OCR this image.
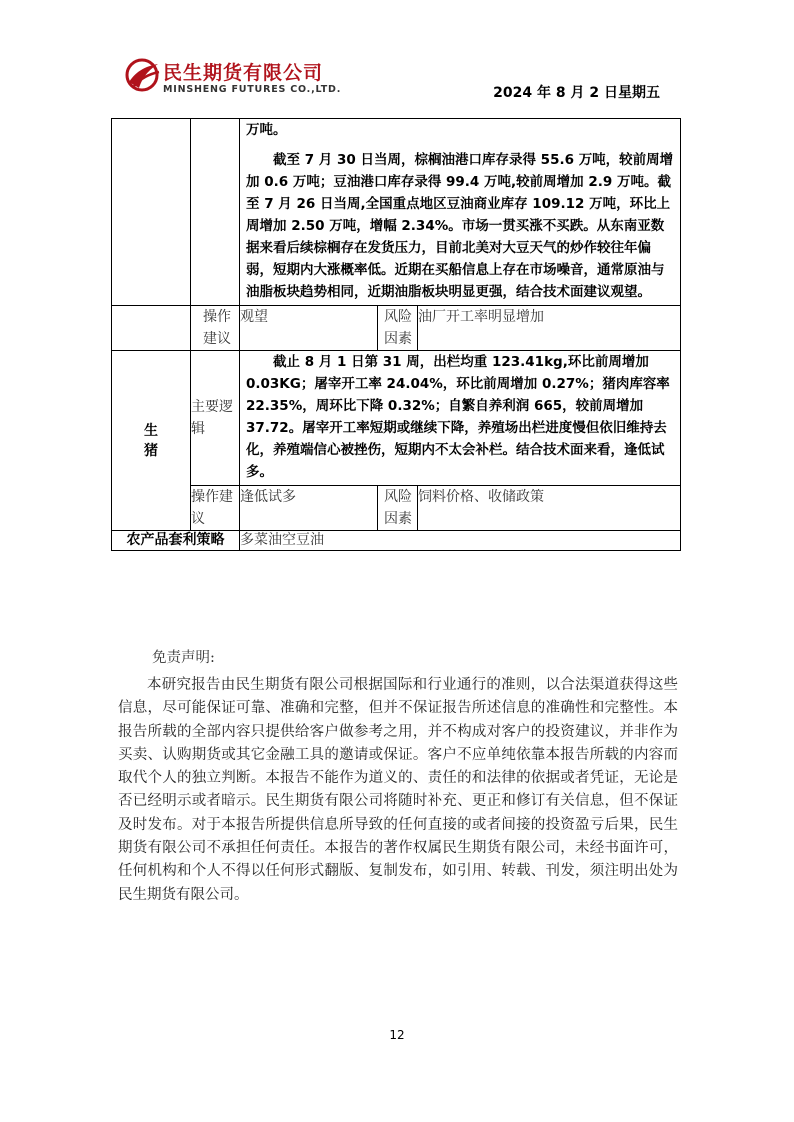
民生期货有限公司
MINSHENG FUTURES CO.,LTD.	2024 年 8 月 2 日星期五

		万吨。

截至 7 月 30 日当周，棕榈油港口库存录得 55.6 万吨，较前周增加 0.6 万吨；豆油港口库存录得 99.4 万吨,较前周增加 2.9 万吨。截至 7 月 26 日当周,全国重点地区豆油商业库存 109.12 万吨，环比上周增加 2.50 万吨，增幅 2.34%。市场一贯买涨不买跌。从东南亚数据来看后续棕榈存在发货压力，目前北美对大豆天气的炒作较往年偏弱，短期内大涨概率低。近期在买船信息上存在市场噪音，通常原油与油脂板块趋势相同，近期油脂板块明显更强，结合技术面建议观望。		

	操作建议	观望	风险因素	油厂开工率明显增加
生猪	主要逻辑	截止 8 月 1 日第 31 周，出栏均重 123.41kg,环比前周增加 0.03KG；屠宰开工率 24.04%，环比前周增加 0.27%；猪肉库容率 22.35%，周环比下降 0.32%；自繁自养利润 665，较前周增加 37.72。屠宰开工率短期或继续下降，养殖场出栏进度慢但依旧维持去化，养殖端信心被挫伤，短期内不太会补栏。结合技术面来看，逢低试多。		

	操作建议	逢低试多	风险因素	饲料价格、收储政策
农产品套利策略		多菜油空豆油		
免责声明:

本研究报告由民生期货有限公司根据国际和行业通行的准则，以合法渠道获得这些信息，尽可能保证可靠、准确和完整，但并不保证报告所述信息的准确性和完整性。本报告所载的全部内容只提供给客户做参考之用，并不构成对客户的投资建议，并非作为买卖、认购期货或其它金融工具的邀请或保证。客户不应单纯依靠本报告所载的内容而取代个人的独立判断。本报告不能作为道义的、责任的和法律的依据或者凭证，无论是否已经明示或者暗示。民生期货有限公司将随时补充、更正和修订有关信息，但不保证及时发布。对于本报告所提供信息所导致的任何直接的或者间接的投资盈亏后果，民生期货有限公司不承担任何责任。本报告的著作权属民生期货有限公司，未经书面许可，任何机构和个人不得以任何形式翻版、复制发布，如引用、转载、刊发，须注明出处为民生期货有限公司。

12
